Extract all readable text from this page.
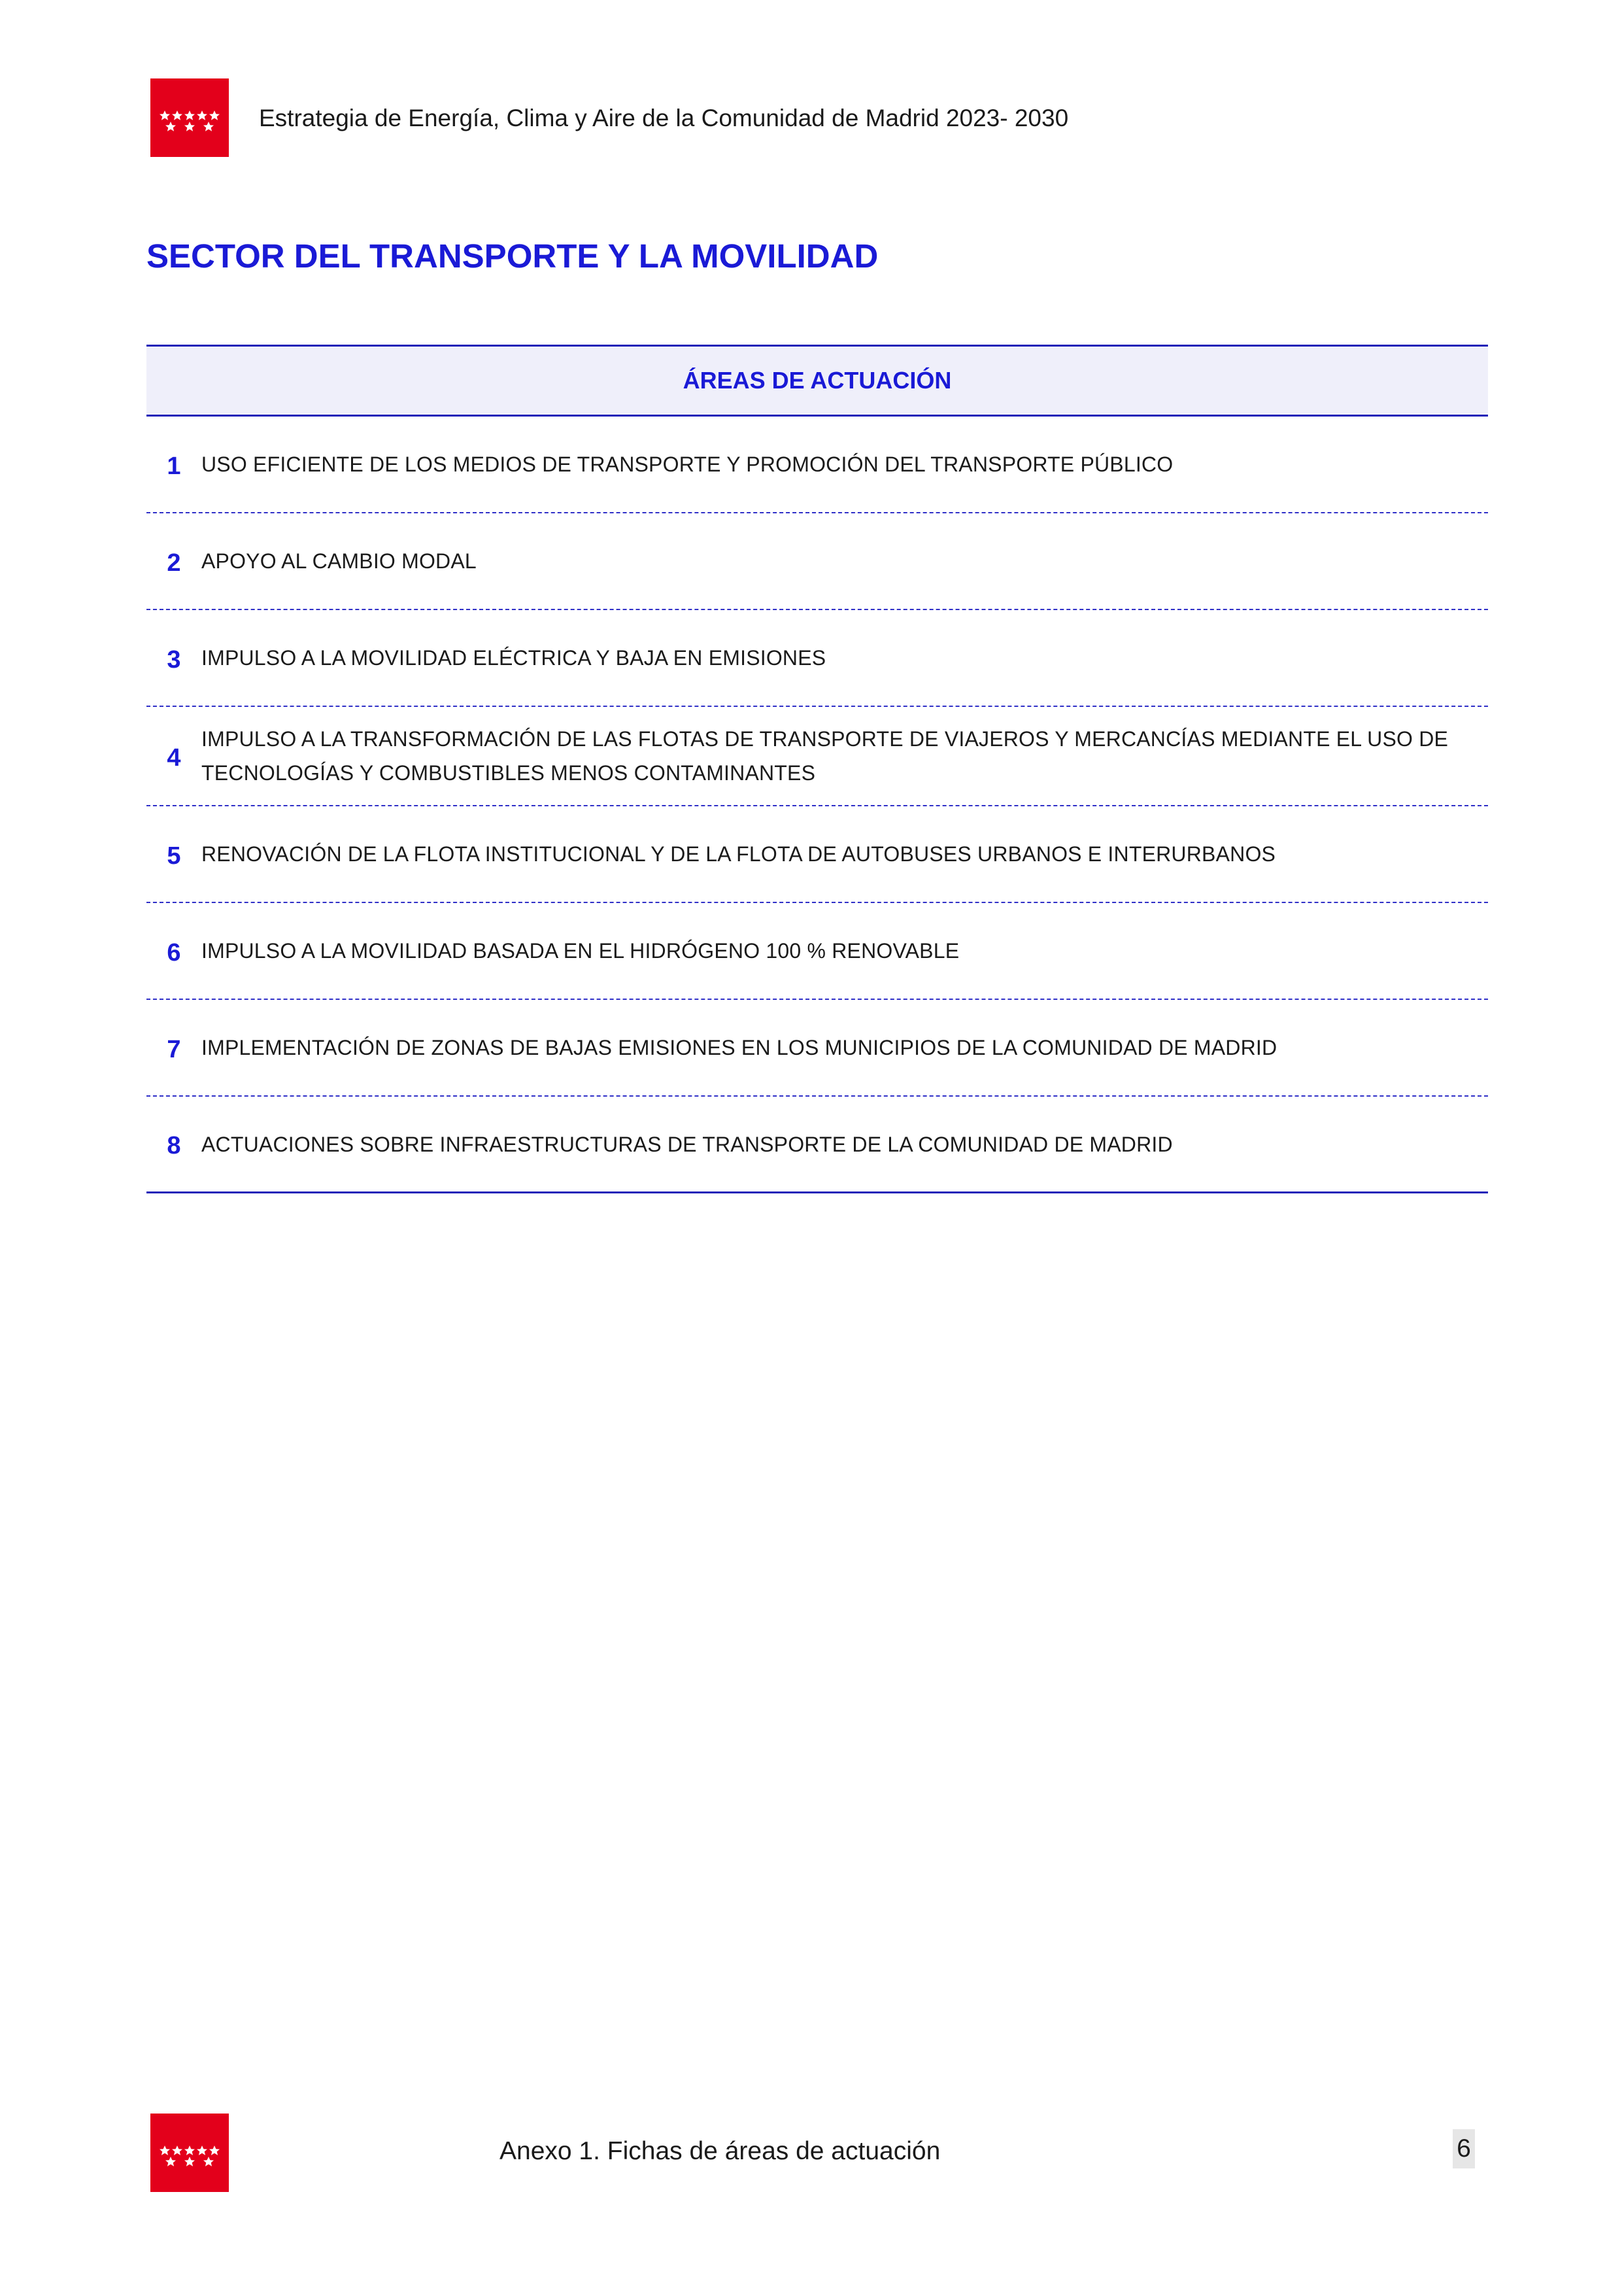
Estrategia de Energía, Clima y Aire de la Comunidad de Madrid 2023- 2030
SECTOR DEL TRANSPORTE Y LA MOVILIDAD
ÁREAS DE ACTUACIÓN
1 USO EFICIENTE DE LOS MEDIOS DE TRANSPORTE Y PROMOCIÓN DEL TRANSPORTE PÚBLICO
2 APOYO AL CAMBIO MODAL
3 IMPULSO A LA MOVILIDAD ELÉCTRICA Y BAJA EN EMISIONES
4
IMPULSO A LA TRANSFORMACIÓN DE LAS FLOTAS DE TRANSPORTE DE VIAJEROS Y MERCANCÍAS MEDIANTE EL USO DE TECNOLOGÍAS Y COMBUSTIBLES MENOS CONTAMINANTES
5 RENOVACIÓN DE LA FLOTA INSTITUCIONAL Y DE LA FLOTA DE AUTOBUSES URBANOS E INTERURBANOS
6 IMPULSO A LA MOVILIDAD BASADA EN EL HIDRÓGENO 100 % RENOVABLE
7 IMPLEMENTACIÓN DE ZONAS DE BAJAS EMISIONES EN LOS MUNICIPIOS DE LA COMUNIDAD DE MADRID
8 ACTUACIONES SOBRE INFRAESTRUCTURAS DE TRANSPORTE DE LA COMUNIDAD DE MADRID
Anexo 1. Fichas de áreas de actuación	6
